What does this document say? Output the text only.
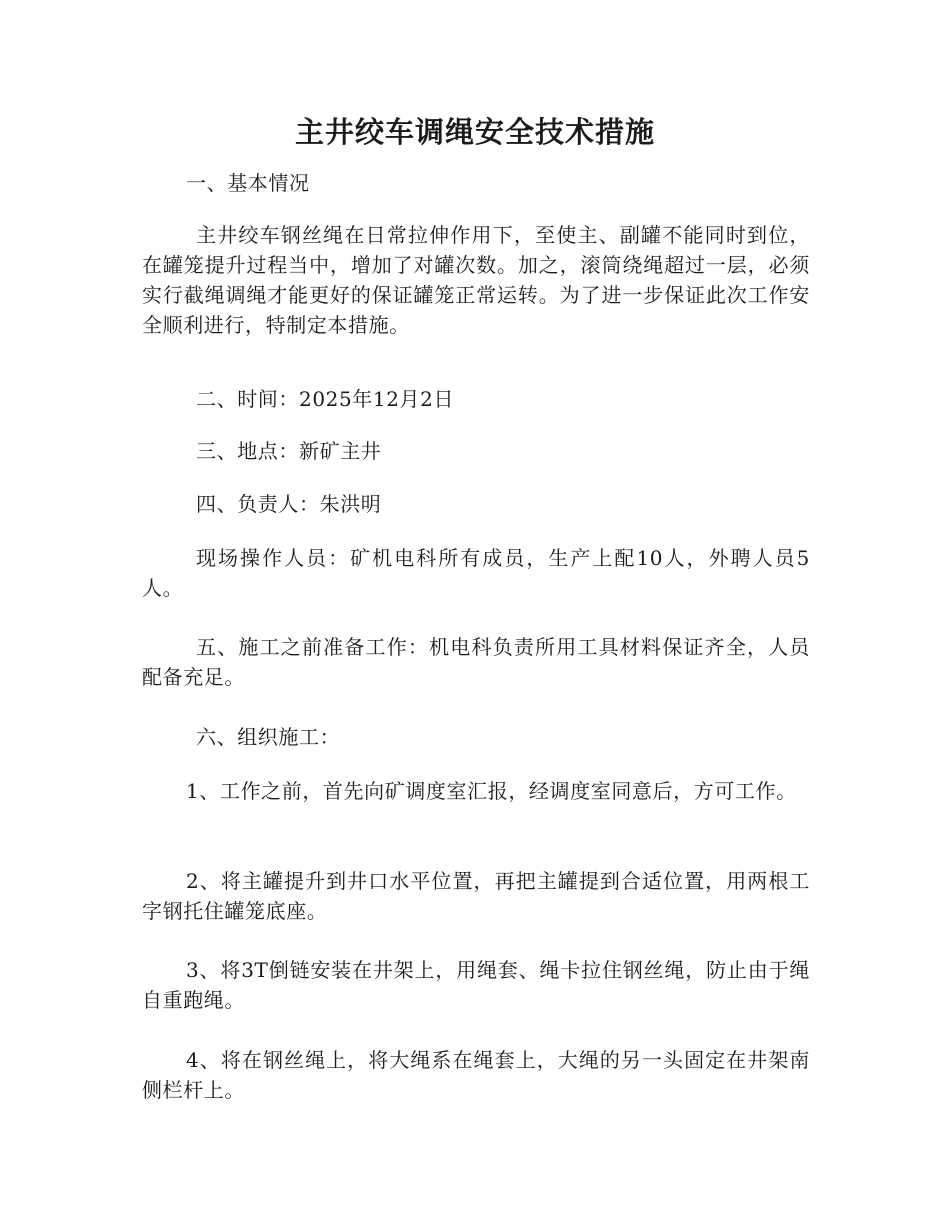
主井绞车调绳安全技术措施

一、基本情况

主井绞车钢丝绳在日常拉伸作用下，至使主、副罐不能同时到位，在罐笼提升过程当中，增加了对罐次数。加之，滚筒绕绳超过一层，必须实行截绳调绳才能更好的保证罐笼正常运转。为了进一步保证此次工作安全顺利进行，特制定本措施。

二、时间：2025年12月2日

三、地点：新矿主井

四、负责人：朱洪明

现场操作人员：矿机电科所有成员，生产上配10人，外聘人员5人。

五、施工之前准备工作：机电科负责所用工具材料保证齐全，人员配备充足。

六、组织施工：

1、工作之前，首先向矿调度室汇报，经调度室同意后，方可工作。

2、将主罐提升到井口水平位置，再把主罐提到合适位置，用两根工字钢托住罐笼底座。

3、将3T倒链安装在井架上，用绳套、绳卡拉住钢丝绳，防止由于绳自重跑绳。

4、将在钢丝绳上，将大绳系在绳套上，大绳的另一头固定在井架南侧栏杆上。
